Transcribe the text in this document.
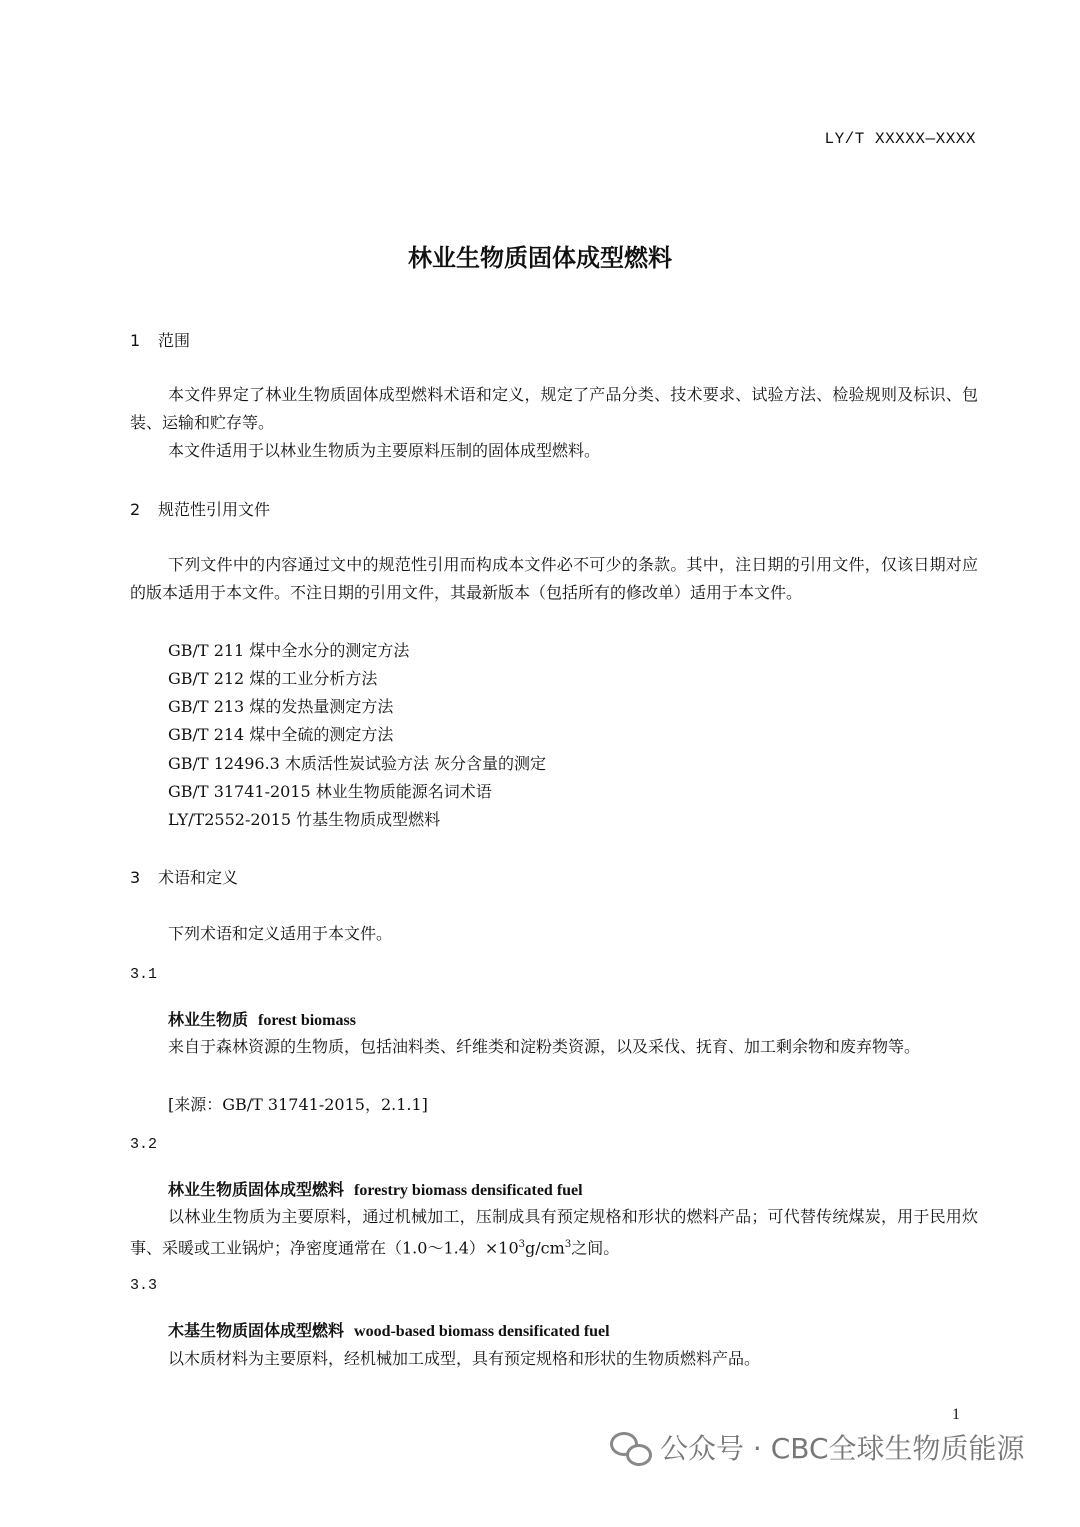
LY/T XXXXX—XXXX
林业生物质固体成型燃料
1 范围
本文件界定了林业生物质固体成型燃料术语和定义，规定了产品分类、技术要求、试验方法、检验规则及标识、包装、运输和贮存等。
本文件适用于以林业生物质为主要原料压制的固体成型燃料。
2 规范性引用文件
下列文件中的内容通过文中的规范性引用而构成本文件必不可少的条款。其中，注日期的引用文件，仅该日期对应的版本适用于本文件。不注日期的引用文件，其最新版本（包括所有的修改单）适用于本文件。
GB/T 211 煤中全水分的测定方法
GB/T 212 煤的工业分析方法
GB/T 213 煤的发热量测定方法
GB/T 214 煤中全硫的测定方法
GB/T 12496.3 木质活性炭试验方法 灰分含量的测定
GB/T 31741-2015 林业生物质能源名词术语
LY/T2552-2015 竹基生物质成型燃料
3 术语和定义
下列术语和定义适用于本文件。
3.1
林业生物质 forest biomass
来自于森林资源的生物质，包括油料类、纤维类和淀粉类资源，以及采伐、抚育、加工剩余物和废弃物等。
[来源：GB/T 31741-2015，2.1.1]
3.2
林业生物质固体成型燃料 forestry biomass densificated fuel
以林业生物质为主要原料，通过机械加工，压制成具有预定规格和形状的燃料产品；可代替传统煤炭，用于民用炊事、采暖或工业锅炉；净密度通常在$(1.0\sim 1.4)\times 10^3g/cm^3$之间。
3.3
木基生物质固体成型燃料 wood-based biomass densificated fuel
以木质材料为主要原料，经机械加工成型，具有预定规格和形状的生物质燃料产品。
1
公众号 · CBC全球生物质能源
